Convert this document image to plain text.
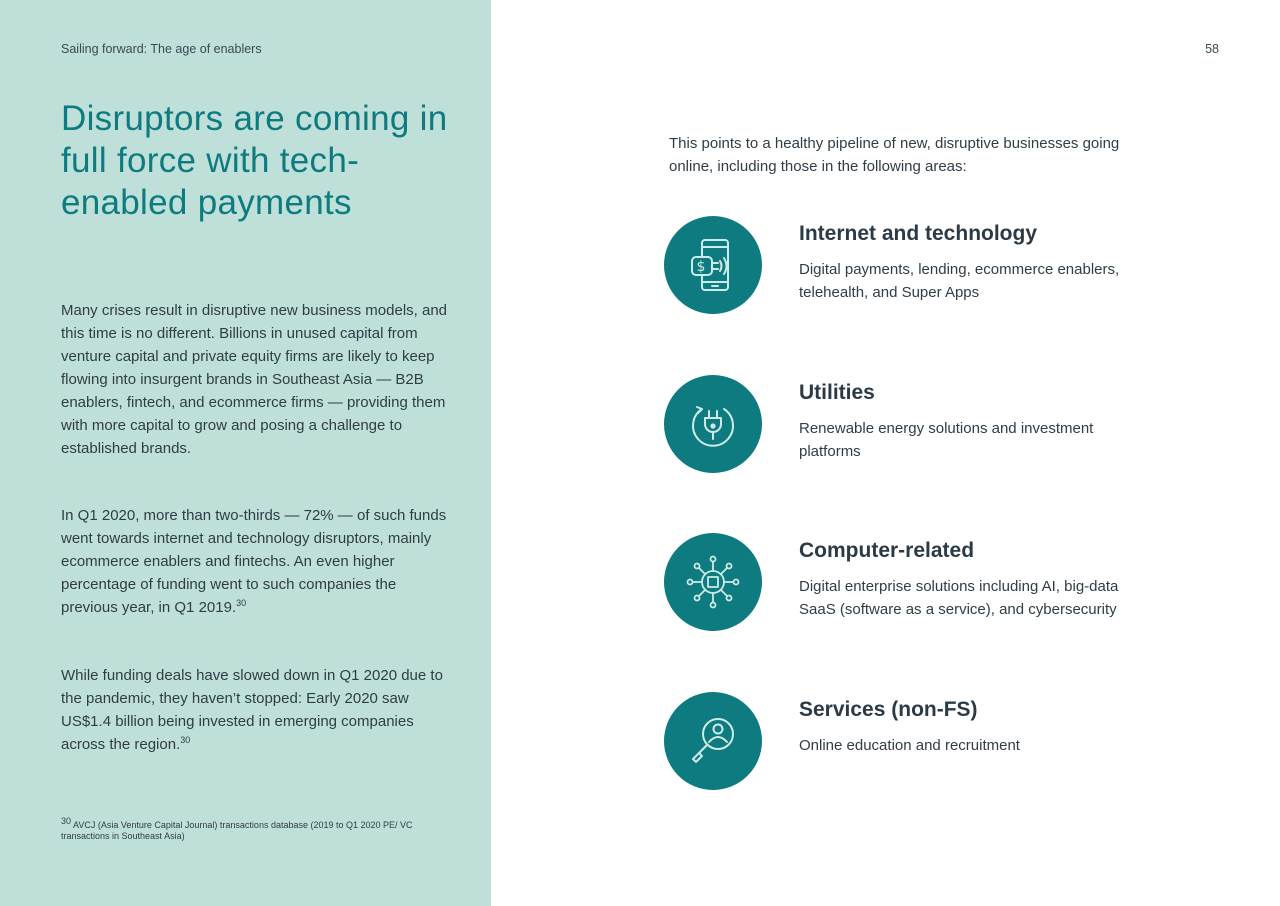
Sailing forward: The age of enablers
Disruptors are coming in full force with tech-enabled payments

Many crises result in disruptive new business models, and this time is no different. Billions in unused capital from venture capital and private equity firms are likely to keep flowing into insurgent brands in Southeast Asia — B2B enablers, fintech, and ecommerce firms — providing them with more capital to grow and posing a challenge to established brands.

In Q1 2020, more than two-thirds — 72% — of such funds went towards internet and technology disruptors, mainly ecommerce enablers and fintechs. An even higher percentage of funding went to such companies the previous year, in Q1 2019.30

While funding deals have slowed down in Q1 2020 due to the pandemic, they haven’t stopped: Early 2020 saw US$1.4 billion being invested in emerging companies across the region.$^{30}$

$^{30}$ AVCJ (Asia Venture Capital Journal) transactions database (2019 to Q1 2020 PE/ VC transactions in Southeast Asia)
58

This points to a healthy pipeline of new, disruptive businesses going online, including those in the following areas:

$
Internet and technology
Digital payments, lending, ecommerce enablers, telehealth, and Super Apps
Utilities
Renewable energy solutions and investment platforms
Computer-related
Digital enterprise solutions including AI, big-data SaaS (software as a service), and cybersecurity
Services (non-FS)
Online education and recruitment
